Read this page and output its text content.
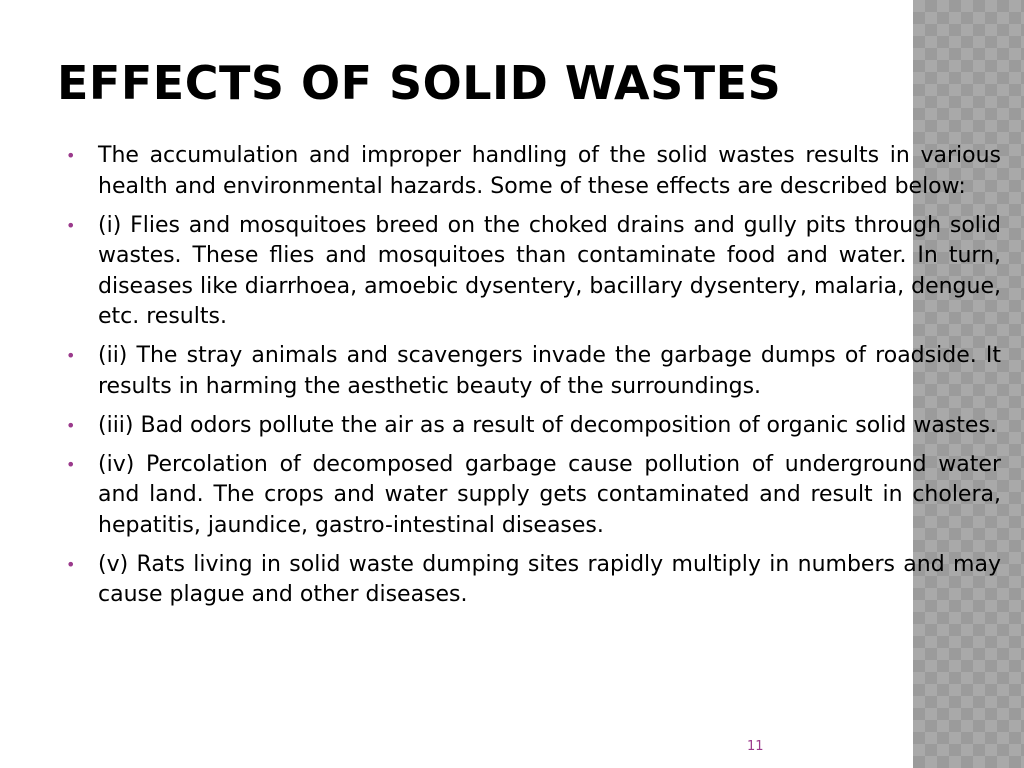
EFFECTS OF SOLID WASTES
• The accumulation and improper handling of the solid wastes results in various health and environmental hazards. Some of these effects are described below:
• (i) Flies and mosquitoes breed on the choked drains and gully pits through solid wastes. These flies and mosquitoes than contaminate food and water. In turn, diseases like diarrhoea, amoebic dysentery, bacillary dysentery, malaria, dengue, etc. results.
• (ii) The stray animals and scavengers invade the garbage dumps of roadside. It results in harming the aesthetic beauty of the surroundings.
• (iii) Bad odors pollute the air as a result of decomposition of organic solid wastes.
• (iv) Percolation of decomposed garbage cause pollution of underground water and land. The crops and water supply gets contaminated and result in cholera, hepatitis, jaundice, gastro-intestinal diseases.
• (v) Rats living in solid waste dumping sites rapidly multiply in numbers and may cause plague and other diseases.
11
